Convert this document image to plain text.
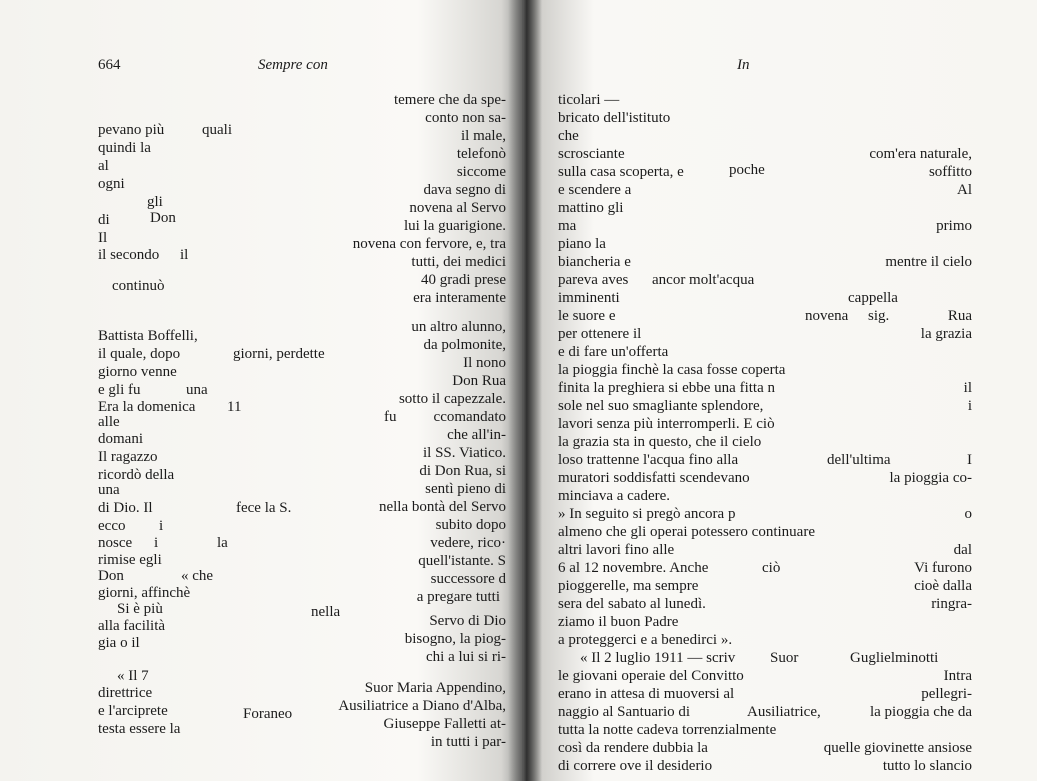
664	Sempre con
pevano più	quali
quindi la
al
ogni
gli
di	Don
Il
il secondo il
continuò
Battista Boffelli,
il quale, dopo	giorni, perdette
giorno venne
e gli fu	una
Era la domenica 11
alle
domani
Il ragazzo
ricordò della
una
di Dio. Il	fece la S.
ecco i
nosce i	la
rimise egli
Don	« che
giorni, affinchè
Si è più	nella
alla facilità
gia o il
« Il 7
direttrice
e l'arciprete	Foraneo
testa essere la
temere che da spe-
conto non sa-
il male,
telefonò
siccome
dava segno di
novena al Servo
lui la guarigione.
novena con fervore, e, tra
tutti, dei medici
40 gradi prese
era interamente
un altro alunno,
da polmonite,
Il nono
Don Rua
sotto il capezzale.
fu ccomandato
che all'in-
il SS. Viatico.
di Don Rua, si
sentì pieno di
nella bontà del Servo
subito dopo
vedere, rico·
quell'istante. S
successore d
a pregare tutti
Servo di Dio
bisogno, la piog-
chi a lui si ri-
Suor Maria Appendino,
Ausiliatrice a Diano d'Alba,
Giuseppe Falletti at-
in tutti i par-
In
ticolari —
bricato dell'istituto
che
scrosciante
sulla casa scoperta, e	poche
e scendere a
mattino gli
ma
piano la
biancheria e
pareva aves ancor molt'acqua
imminenti
le suore e
per ottenere il
e di fare un'offerta
la pioggia finchè la casa fosse coperta
finita la preghiera si ebbe una fitta n
sole nel suo smagliante splendore,
lavori senza più interromperli. E ciò
la grazia sta in questo, che il cielo
loso trattenne l'acqua fino alla
muratori soddisfatti scendevano
minciava a cadere.
» In seguito si pregò ancora p
almeno che gli operai potessero continuare
altri lavori fino alle
6 al 12 novembre. Anche	ciò
pioggerelle, ma sempre
sera del sabato al lunedì.
ziamo il buon Padre
a proteggerci e a benedirci ».
« Il 2 luglio 1911 — scriv Suor
le giovani operaie del Convitto
erano in attesa di muoversi al
naggio al Santuario di	Ausiliatrice,
tutta la notte cadeva torrenzialmente
così da rendere dubbia la
di correre ove il desiderio
com'era naturale,
soffitto
Al
primo
mentre il cielo
cappella
novena sig.	Rua
la grazia
il
i
dell'ultima	I
la pioggia co-
o
dal
Vi furono
cioè dalla
ringra-
Guglielminotti
Intra
pellegri-
la pioggia che da
quelle giovinette ansiose
tutto lo slancio
